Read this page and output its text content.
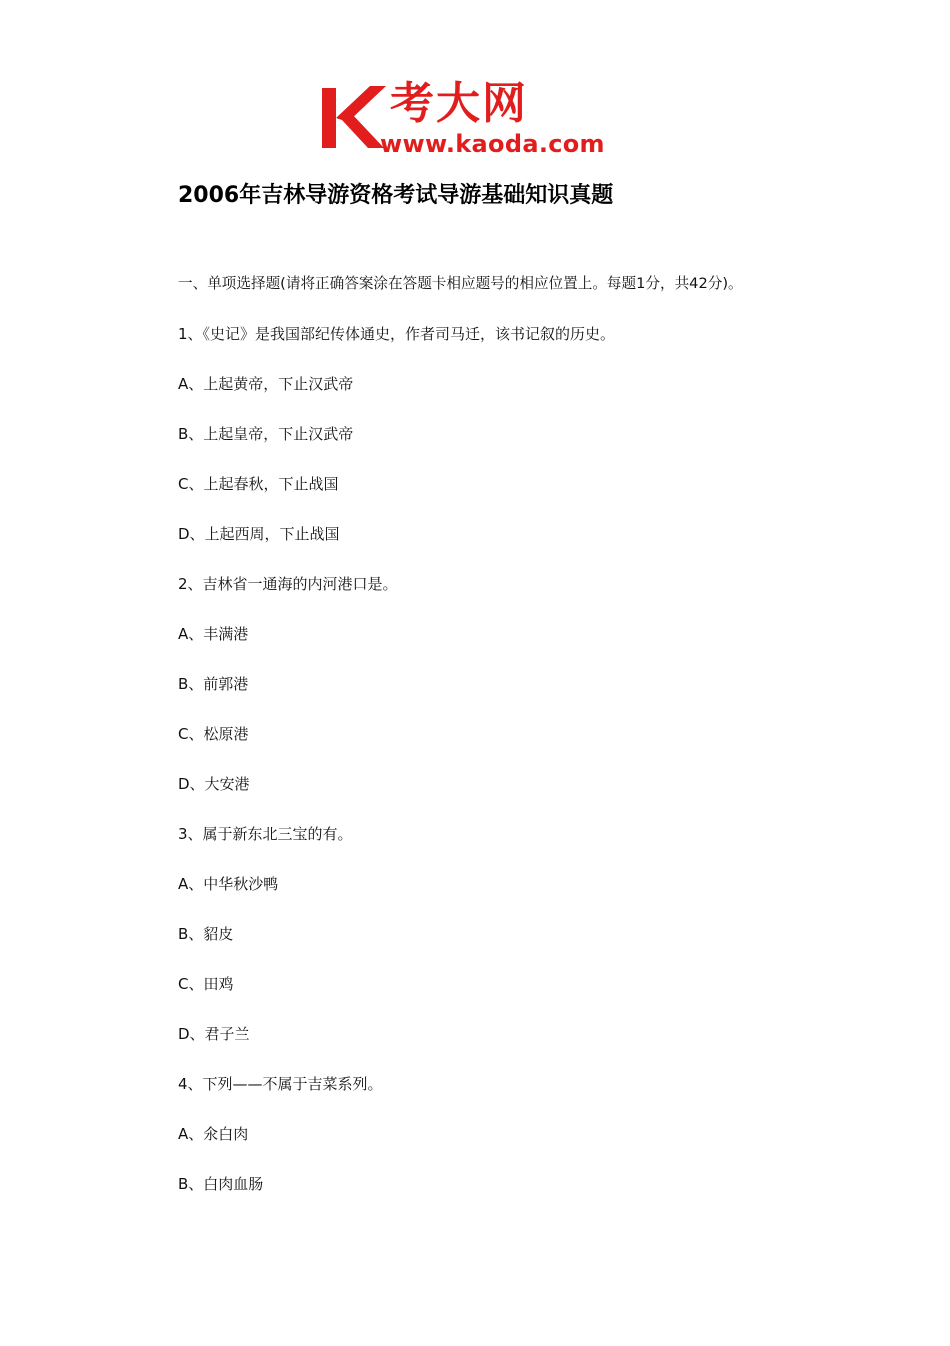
考大网
www.kaoda.com
2006年吉林导游资格考试导游基础知识真题
一、单项选择题(请将正确答案涂在答题卡相应题号的相应位置上。每题1分，共42分)。
1、《史记》是我国部纪传体通史，作者司马迁，该书记叙的历史。
A、上起黄帝，下止汉武帝
B、上起皇帝，下止汉武帝
C、上起春秋，下止战国
D、上起西周，下止战国
2、吉林省一通海的内河港口是。
A、丰满港
B、前郭港
C、松原港
D、大安港
3、属于新东北三宝的有。
A、中华秋沙鸭
B、貂皮
C、田鸡
D、君子兰
4、下列——不属于吉菜系列。
A、氽白肉
B、白肉血肠
